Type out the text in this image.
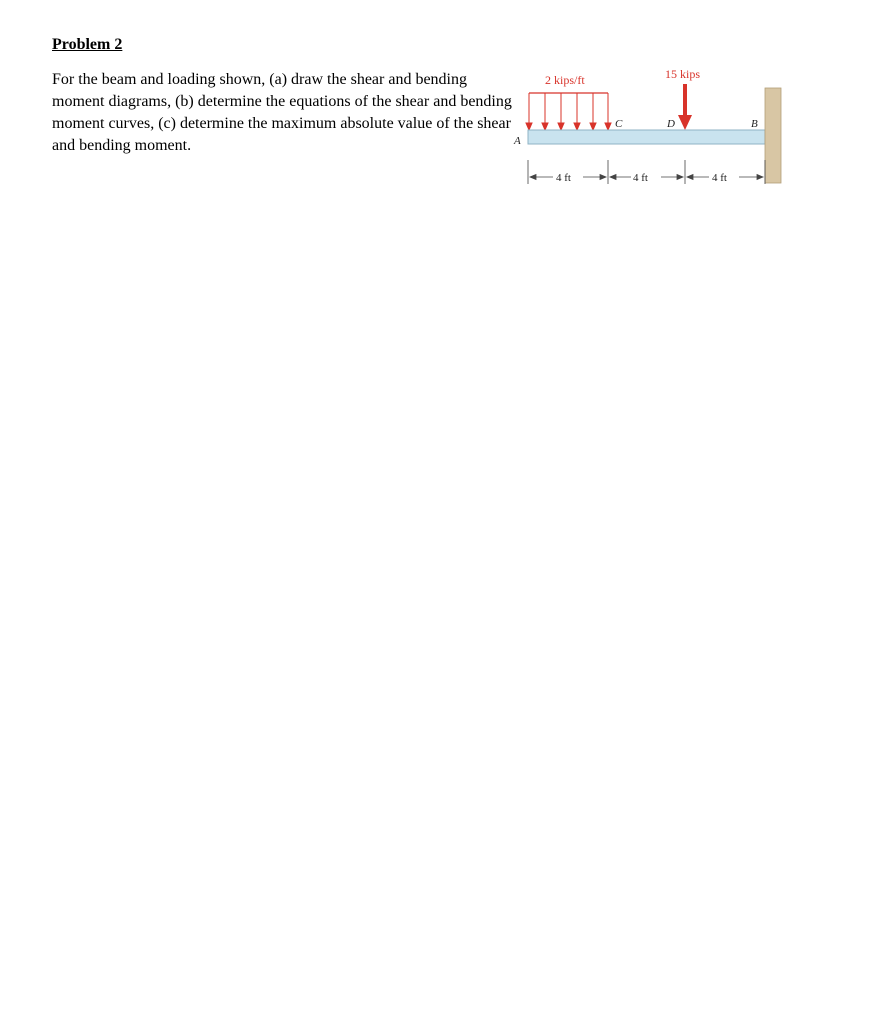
Problem 2

For the beam and loading shown, (a) draw the shear and bending moment diagrams, (b) determine the equations of the shear and bending moment curves, (c) determine the maximum absolute value of the shear and bending moment.

2 kips/ft	15 kips
A
C	D	B
4 ft	4 ft	4 ft
